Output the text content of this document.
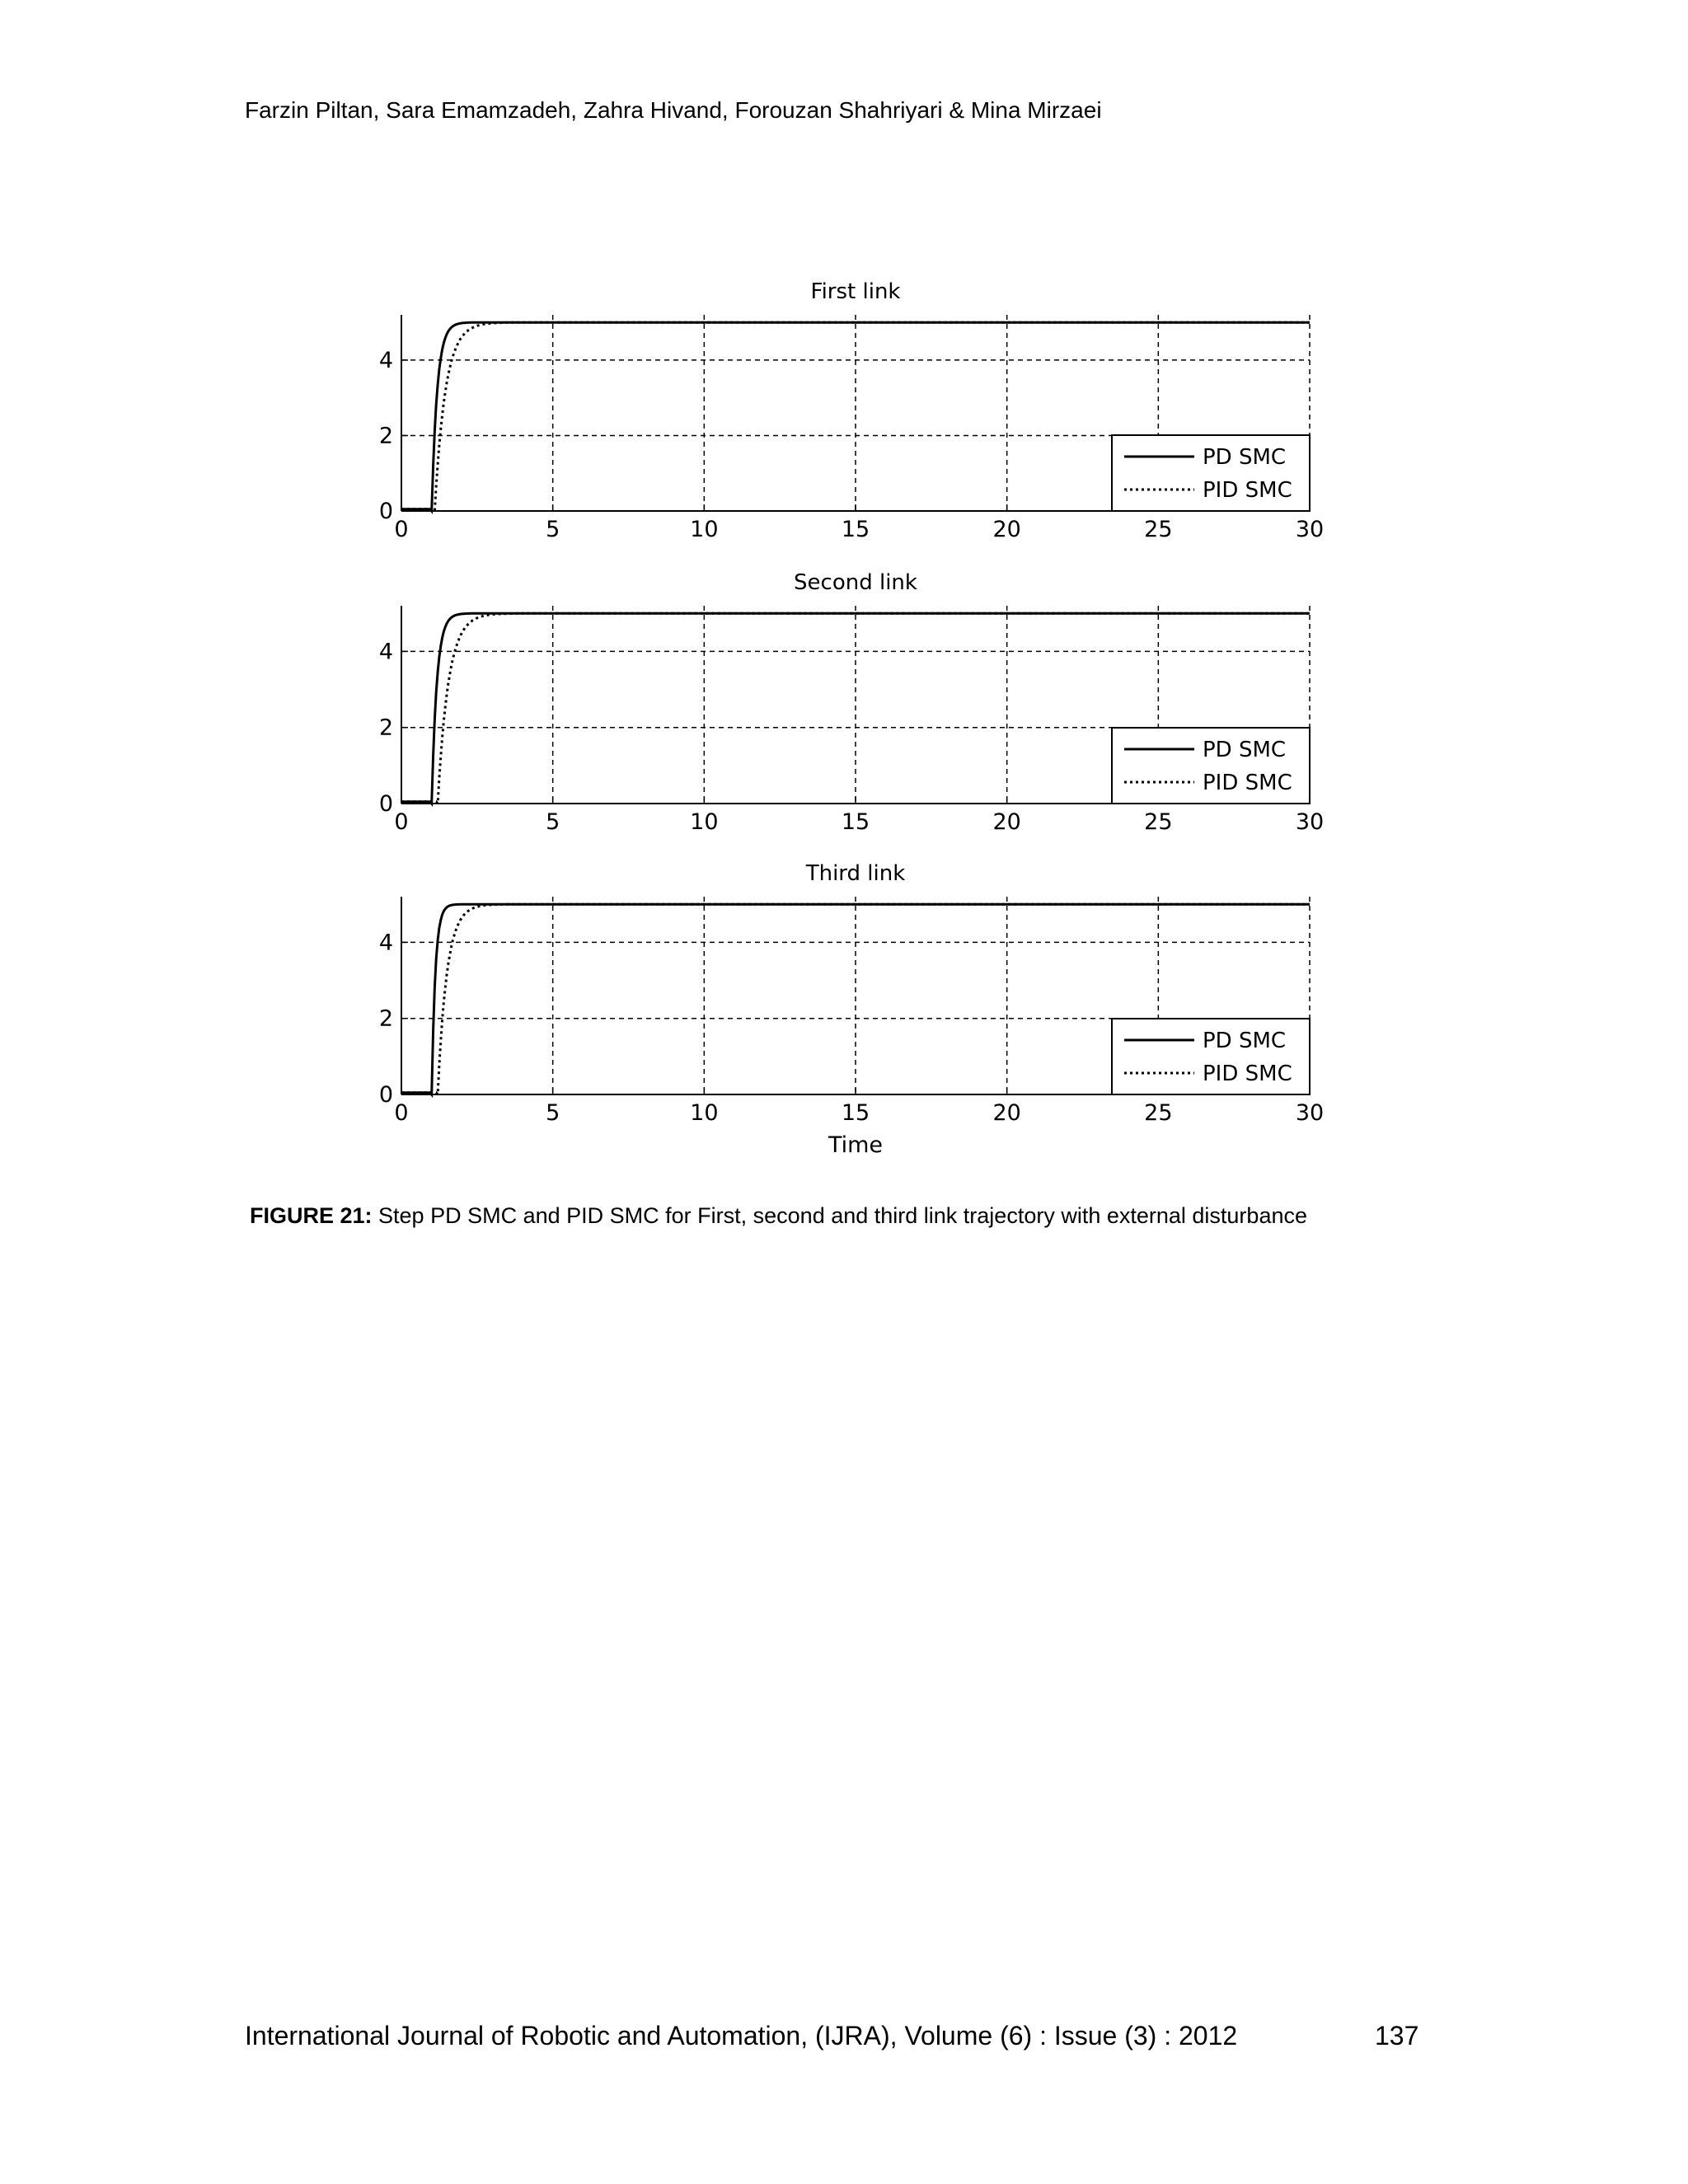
Farzin Piltan, Sara Emamzadeh, Zahra Hivand, Forouzan Shahriyari & Mina Mirzaei
First link
0	5	10	15	20	25	30
0
2
4
PD SMC
PID SMC
Second link
0	5	10	15	20	25	30
0
2
4
PD SMC
PID SMC
Third link
0	5	10	15	20	25	30
0
2
4
Time
PD SMC
PID SMC
FIGURE 21: Step PD SMC and PID SMC for First, second and third link trajectory with external disturbance
International Journal of Robotic and Automation, (IJRA), Volume (6) : Issue (3) : 2012	137
